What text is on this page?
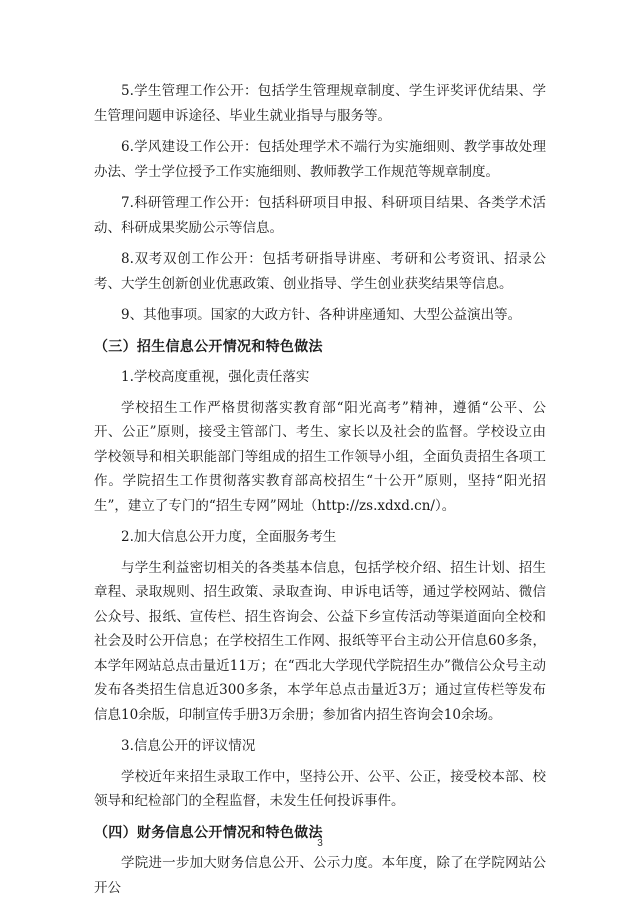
5.学生管理工作公开：包括学生管理规章制度、学生评奖评优结果、学生管理问题申诉途径、毕业生就业指导与服务等。

6.学风建设工作公开：包括处理学术不端行为实施细则、教学事故处理办法、学士学位授予工作实施细则、教师教学工作规范等规章制度。

7.科研管理工作公开：包括科研项目申报、科研项目结果、各类学术活动、科研成果奖励公示等信息。

8.双考双创工作公开：包括考研指导讲座、考研和公考资讯、招录公考、大学生创新创业优惠政策、创业指导、学生创业获奖结果等信息。

9、其他事项。国家的大政方针、各种讲座通知、大型公益演出等。

（三）招生信息公开情况和特色做法

1.学校高度重视，强化责任落实

学校招生工作严格贯彻落实教育部“阳光高考”精神，遵循“公平、公开、公正”原则，接受主管部门、考生、家长以及社会的监督。学校设立由学校领导和相关职能部门等组成的招生工作领导小组，全面负责招生各项工作。学院招生工作贯彻落实教育部高校招生“十公开”原则，坚持“阳光招生”，建立了专门的“招生专网”网址（http://zs.xdxd.cn/）。

2.加大信息公开力度，全面服务考生

与学生利益密切相关的各类基本信息，包括学校介绍、招生计划、招生章程、录取规则、招生政策、录取查询、申诉电话等，通过学校网站、微信公众号、报纸、宣传栏、招生咨询会、公益下乡宣传活动等渠道面向全校和社会及时公开信息；在学校招生工作网、报纸等平台主动公开信息60多条，本学年网站总点击量近11万；在“西北大学现代学院招生办”微信公众号主动发布各类招生信息近300多条，本学年总点击量近3万；通过宣传栏等发布信息10余版，印制宣传手册3万余册；参加省内招生咨询会10余场。

3.信息公开的评议情况

学校近年来招生录取工作中，坚持公开、公平、公正，接受校本部、校领导和纪检部门的全程监督，未发生任何投诉事件。

（四）财务信息公开情况和特色做法

学院进一步加大财务信息公开、公示力度。本年度，除了在学院网站公开公

3
